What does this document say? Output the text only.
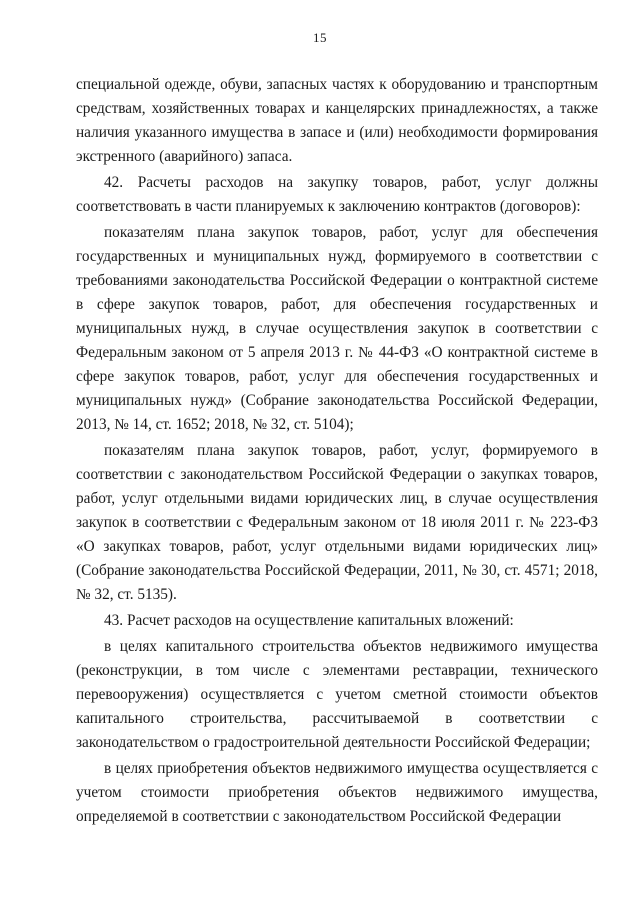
15

специальной одежде, обуви, запасных частях к оборудованию и транспортным средствам, хозяйственных товарах и канцелярских принадлежностях, а также наличия указанного имущества в запасе и (или) необходимости формирования экстренного (аварийного) запаса.

42. Расчеты расходов на закупку товаров, работ, услуг должны соответствовать в части планируемых к заключению контрактов (договоров):

показателям плана закупок товаров, работ, услуг для обеспечения государственных и муниципальных нужд, формируемого в соответствии с требованиями законодательства Российской Федерации о контрактной системе в сфере закупок товаров, работ, для обеспечения государственных и муниципальных нужд, в случае осуществления закупок в соответствии с Федеральным законом от 5 апреля 2013 г. № 44-ФЗ «О контрактной системе в сфере закупок товаров, работ, услуг для обеспечения государственных и муниципальных нужд» (Собрание законодательства Российской Федерации, 2013, № 14, ст. 1652; 2018, № 32, ст. 5104);

показателям плана закупок товаров, работ, услуг, формируемого в соответствии с законодательством Российской Федерации о закупках товаров, работ, услуг отдельными видами юридических лиц, в случае осуществления закупок в соответствии с Федеральным законом от 18 июля 2011 г. № 223-ФЗ «О закупках товаров, работ, услуг отдельными видами юридических лиц» (Собрание законодательства Российской Федерации, 2011, № 30, ст. 4571; 2018, № 32, ст. 5135).

43. Расчет расходов на осуществление капитальных вложений:

в целях капитального строительства объектов недвижимого имущества (реконструкции, в том числе с элементами реставрации, технического перевооружения) осуществляется с учетом сметной стоимости объектов капитального строительства, рассчитываемой в соответствии с законодательством о градостроительной деятельности Российской Федерации;

в целях приобретения объектов недвижимого имущества осуществляется с учетом стоимости приобретения объектов недвижимого имущества, определяемой в соответствии с законодательством Российской Федерации
